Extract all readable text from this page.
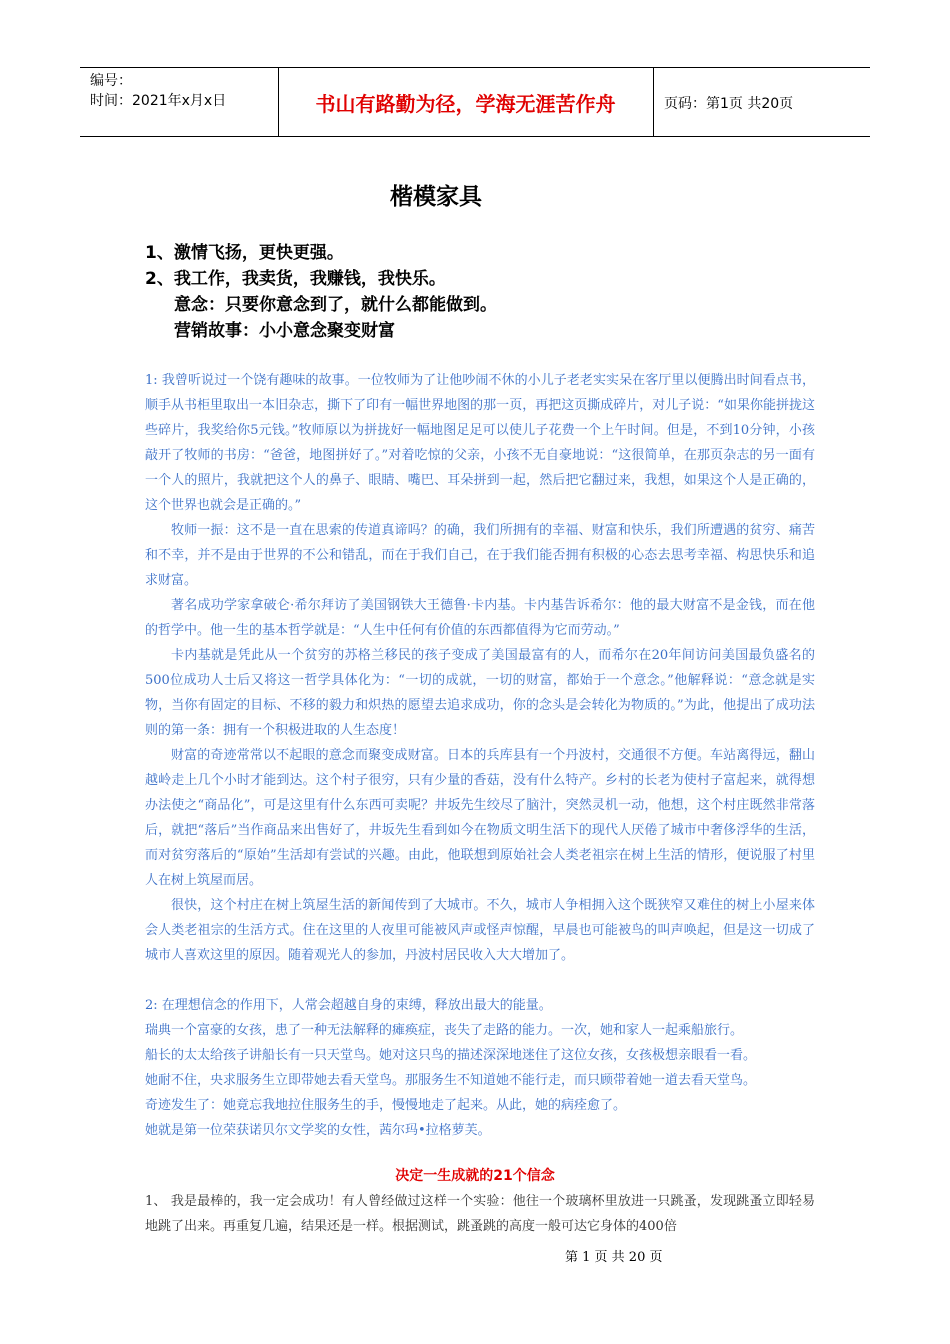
编号：
时间：2021年x月x日	书山有路勤为径，学海无涯苦作舟	页码：第1页 共20页
楷模家具
1、激情飞扬，更快更强。
2、我工作，我卖货，我赚钱，我快乐。
意念：只要你意念到了，就什么都能做到。
营销故事：小小意念聚变财富

1: 我曾听说过一个饶有趣味的故事。一位牧师为了让他吵闹不休的小儿子老老实实呆在客厅里以便腾出时间看点书，顺手从书柜里取出一本旧杂志，撕下了印有一幅世界地图的那一页，再把这页撕成碎片，对儿子说：“如果你能拼拢这些碎片，我奖给你5元钱。”牧师原以为拼拢好一幅地图足足可以使儿子花费一个上午时间。但是，不到10分钟，小孩敲开了牧师的书房：“爸爸，地图拼好了。”对着吃惊的父亲，小孩不无自豪地说：“这很简单，在那页杂志的另一面有一个人的照片，我就把这个人的鼻子、眼睛、嘴巴、耳朵拼到一起，然后把它翻过来，我想，如果这个人是正确的，这个世界也就会是正确的。”

牧师一振：这不是一直在思索的传道真谛吗？的确，我们所拥有的幸福、财富和快乐，我们所遭遇的贫穷、痛苦和不幸，并不是由于世界的不公和错乱，而在于我们自己，在于我们能否拥有积极的心态去思考幸福、构思快乐和追求财富。

著名成功学家拿破仑·希尔拜访了美国钢铁大王德鲁·卡内基。卡内基告诉希尔：他的最大财富不是金钱，而在他的哲学中。他一生的基本哲学就是：“人生中任何有价值的东西都值得为它而劳动。”

卡内基就是凭此从一个贫穷的苏格兰移民的孩子变成了美国最富有的人，而希尔在20年间访问美国最负盛名的500位成功人士后又将这一哲学具体化为：“一切的成就，一切的财富，都始于一个意念。”他解释说：“意念就是实物，当你有固定的目标、不移的毅力和炽热的愿望去追求成功，你的念头是会转化为物质的。”为此，他提出了成功法则的第一条：拥有一个积极进取的人生态度！

财富的奇迹常常以不起眼的意念而聚变成财富。日本的兵库县有一个丹波村，交通很不方便。车站离得远，翻山越岭走上几个小时才能到达。这个村子很穷，只有少量的香菇，没有什么特产。乡村的长老为使村子富起来，就得想办法使之“商品化”，可是这里有什么东西可卖呢？井坂先生绞尽了脑汁，突然灵机一动，他想，这个村庄既然非常落后，就把“落后”当作商品来出售好了，井坂先生看到如今在物质文明生活下的现代人厌倦了城市中奢侈浮华的生活，而对贫穷落后的“原始”生活却有尝试的兴趣。由此，他联想到原始社会人类老祖宗在树上生活的情形，便说服了村里人在树上筑屋而居。

很快，这个村庄在树上筑屋生活的新闻传到了大城市。不久，城市人争相拥入这个既狭窄又难住的树上小屋来体会人类老祖宗的生活方式。住在这里的人夜里可能被风声或怪声惊醒，早晨也可能被鸟的叫声唤起，但是这一切成了城市人喜欢这里的原因。随着观光人的参加，丹波村居民收入大大增加了。

2: 在理想信念的作用下，人常会超越自身的束缚，释放出最大的能量。

瑞典一个富豪的女孩，患了一种无法解释的瘫痪症，丧失了走路的能力。一次，她和家人一起乘船旅行。

船长的太太给孩子讲船长有一只天堂鸟。她对这只鸟的描述深深地迷住了这位女孩，女孩极想亲眼看一看。

她耐不住，央求服务生立即带她去看天堂鸟。那服务生不知道她不能行走，而只顾带着她一道去看天堂鸟。

奇迹发生了：她竟忘我地拉住服务生的手，慢慢地走了起来。从此，她的病痊愈了。

她就是第一位荣获诺贝尔文学奖的女性，茜尔玛•拉格萝芙。

决定一生成就的21个信念

1、 我是最棒的，我一定会成功！有人曾经做过这样一个实验：他往一个玻璃杯里放进一只跳蚤，发现跳蚤立即轻易地跳了出来。再重复几遍，结果还是一样。根据测试，跳蚤跳的高度一般可达它身体的400倍

第 1 页 共 20 页
